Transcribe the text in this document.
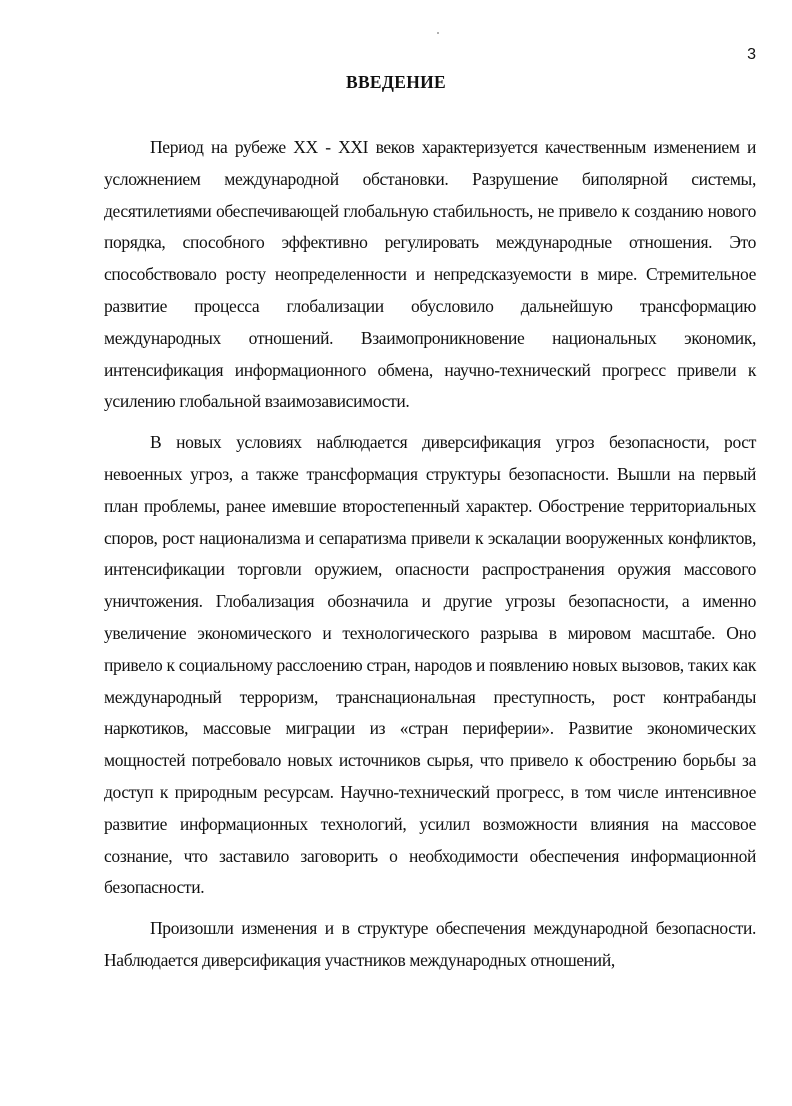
3
ВВЕДЕНИЕ

Период на рубеже XX - XXI веков характеризуется качественным изменением и усложнением международной обстановки. Разрушение биполярной системы, десятилетиями обеспечивающей глобальную стабильность, не привело к созданию нового порядка, способного эффективно регулировать международные отношения. Это способствовало росту неопределенности и непредсказуемости в мире. Стремительное развитие процесса глобализации обусловило дальнейшую трансформацию международных отношений. Взаимопроникновение национальных экономик, интенсификация информационного обмена, научно-технический прогресс привели к усилению глобальной взаимозависимости.

В новых условиях наблюдается диверсификация угроз безопасности, рост невоенных угроз, а также трансформация структуры безопасности. Вышли на первый план проблемы, ранее имевшие второстепенный характер. Обострение территориальных споров, рост национализма и сепаратизма привели к эскалации вооруженных конфликтов, интенсификации торговли оружием, опасности распространения оружия массового уничтожения. Глобализация обозначила и другие угрозы безопасности, а именно увеличение экономического и технологического разрыва в мировом масштабе. Оно привело к социальному расслоению стран, народов и появлению новых вызовов, таких как международный терроризм, транснациональная преступность, рост контрабанды наркотиков, массовые миграции из «стран периферии». Развитие экономических мощностей потребовало новых источников сырья, что привело к обострению борьбы за доступ к природным ресурсам. Научно-технический прогресс, в том числе интенсивное развитие информационных технологий, усилил возможности влияния на массовое сознание, что заставило заговорить о необходимости обеспечения информационной безопасности.

Произошли изменения и в структуре обеспечения международной безопасности. Наблюдается диверсификация участников международных отношений,
